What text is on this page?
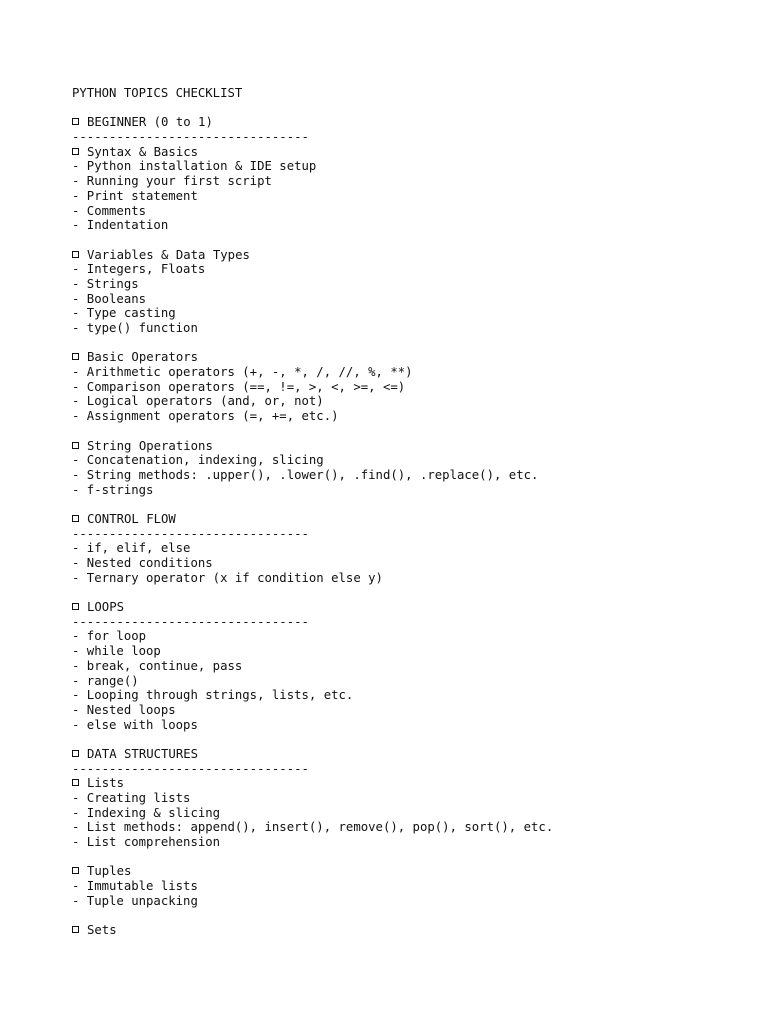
PYTHON TOPICS CHECKLIST
BEGINNER (0 to 1)
--------------------------------
Syntax & Basics
- Python installation & IDE setup
- Running your first script
- Print statement
- Comments
- Indentation
Variables & Data Types
- Integers, Floats
- Strings
- Booleans
- Type casting
- type() function
Basic Operators
- Arithmetic operators (+, -, *, /, //, %, **)
- Comparison operators (==, !=, >, <, >=, <=)
- Logical operators (and, or, not)
- Assignment operators (=, +=, etc.)
String Operations
- Concatenation, indexing, slicing
- String methods: .upper(), .lower(), .find(), .replace(), etc.
- f-strings
CONTROL FLOW
--------------------------------
- if, elif, else
- Nested conditions
- Ternary operator (x if condition else y)
LOOPS
--------------------------------
- for loop
- while loop
- break, continue, pass
- range()
- Looping through strings, lists, etc.
- Nested loops
- else with loops
DATA STRUCTURES
--------------------------------
Lists
- Creating lists
- Indexing & slicing
- List methods: append(), insert(), remove(), pop(), sort(), etc.
- List comprehension
Tuples
- Immutable lists
- Tuple unpacking
Sets
